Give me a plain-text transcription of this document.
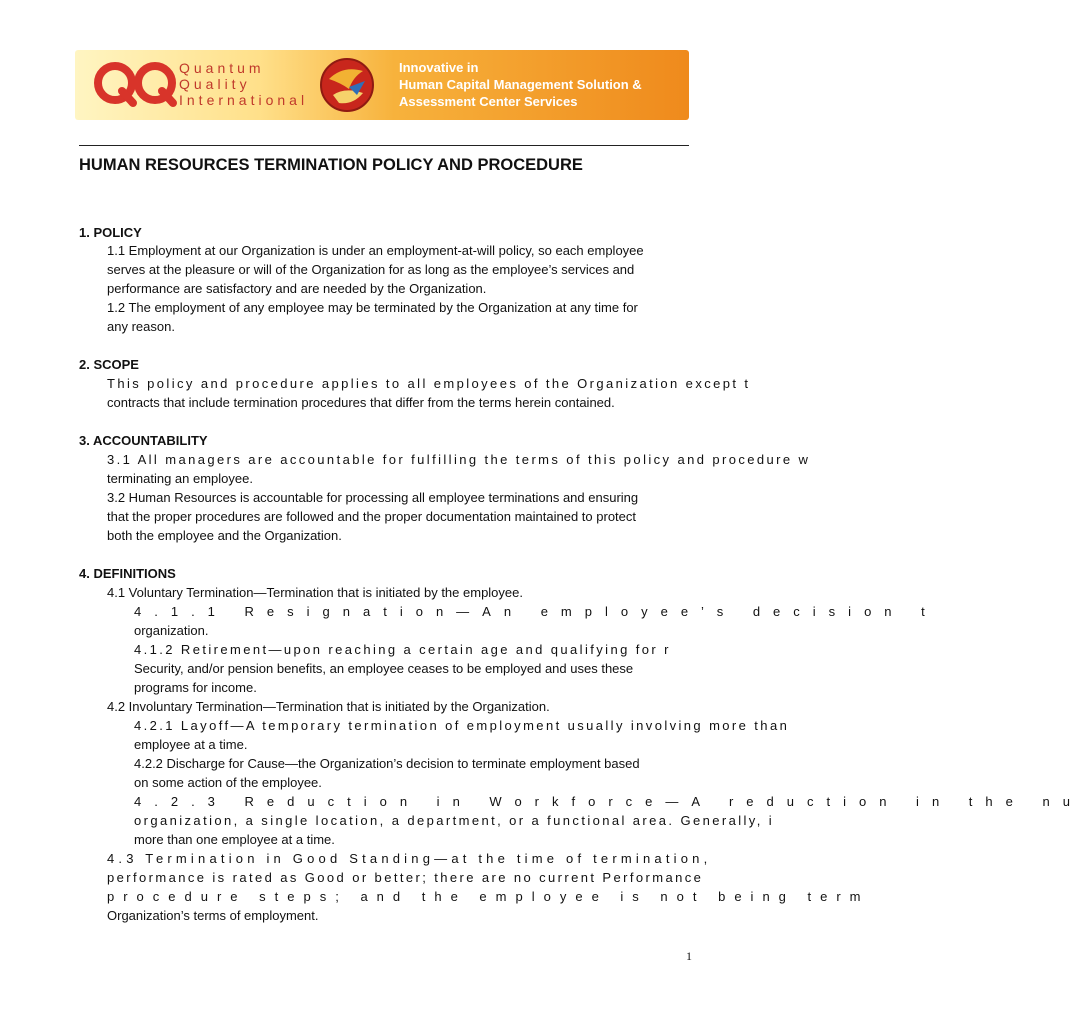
Quantum
Quality
International
Innovative in
Human Capital Management Solution &
Assessment Center Services
HUMAN RESOURCES TERMINATION POLICY AND PROCEDURE
1. POLICY
1.1 Employment at our Organization is under an employment-at-will policy, so each employee
serves at the pleasure or will of the Organization for as long as the employee’s services and
performance are satisfactory and are needed by the Organization.
1.2 The employment of any employee may be terminated by the Organization at any time for
any reason.
2. SCOPE
This policy and procedure applies to all employees of the Organization except t
contracts that include termination procedures that differ from the terms herein contained.
3. ACCOUNTABILITY
3.1 All managers are accountable for fulfilling the terms of this policy and procedure w
terminating an employee.
3.2 Human Resources is accountable for processing all employee terminations and ensuring
that the proper procedures are followed and the proper documentation maintained to protect
both the employee and the Organization.
4. DEFINITIONS
4.1 Voluntary Termination—Termination that is initiated by the employee.
4.1.1 Resignation—An employee’s decision t
organization.
4.1.2 Retirement—upon reaching a certain age and qualifying for r
Security, and/or pension benefits, an employee ceases to be employed and uses these
programs for income.
4.2 Involuntary Termination—Termination that is initiated by the Organization.
4.2.1 Layoff—A temporary termination of employment usually involving more than
employee at a time.
4.2.2 Discharge for Cause—the Organization’s decision to terminate employment based
on some action of the employee.
4.2.3 Reduction in Workforce—A reduction in the nu
organization, a single location, a department, or a functional area. Generally, i
more than one employee at a time.
4.3 Termination in Good Standing—at the time of termination,
performance is rated as Good or better; there are no current Performance
procedure steps; and the employee is not being term
Organization’s terms of employment.
1
